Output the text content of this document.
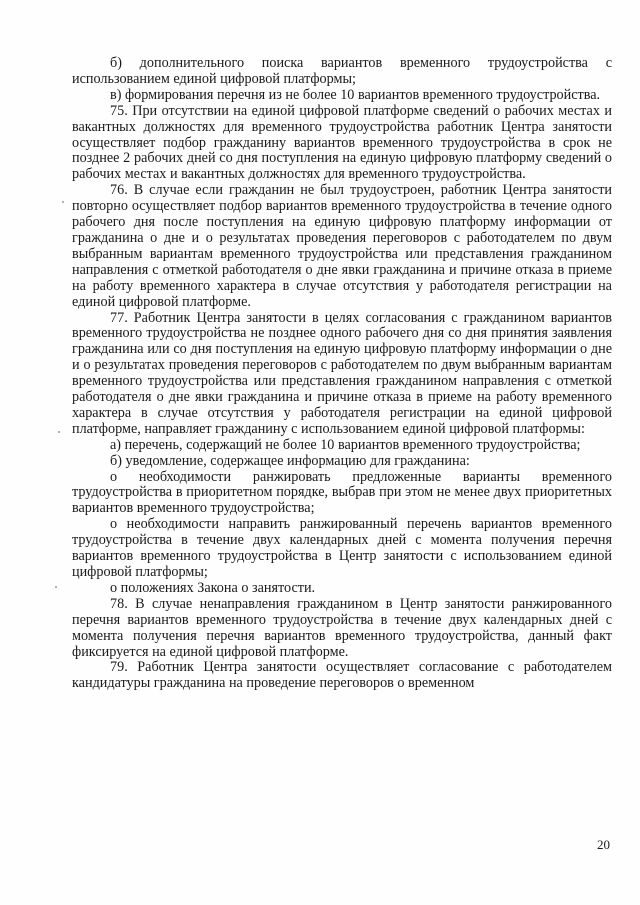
б) дополнительного поиска вариантов временного трудоустройства с использованием единой цифровой платформы;

в) формирования перечня из не более 10 вариантов временного трудоустройства.

75. При отсутствии на единой цифровой платформе сведений о рабочих местах и вакантных должностях для временного трудоустройства работник Центра занятости осуществляет подбор гражданину вариантов временного трудоустройства в срок не позднее 2 рабочих дней со дня поступления на единую цифровую платформу сведений о рабочих местах и вакантных должностях для временного трудоустройства.

76. В случае если гражданин не был трудоустроен, работник Центра занятости повторно осуществляет подбор вариантов временного трудоустройства в течение одного рабочего дня после поступления на единую цифровую платформу информации от гражданина о дне и о результатах проведения переговоров с работодателем по двум выбранным вариантам временного трудоустройства или представления гражданином направления с отметкой работодателя о дне явки гражданина и причине отказа в приеме на работу временного характера в случае отсутствия у работодателя регистрации на единой цифровой платформе.

77. Работник Центра занятости в целях согласования с гражданином вариантов временного трудоустройства не позднее одного рабочего дня со дня принятия заявления гражданина или со дня поступления на единую цифровую платформу информации о дне и о результатах проведения переговоров с работодателем по двум выбранным вариантам временного трудоустройства или представления гражданином направления с отметкой работодателя о дне явки гражданина и причине отказа в приеме на работу временного характера в случае отсутствия у работодателя регистрации на единой цифровой платформе, направляет гражданину с использованием единой цифровой платформы:

а) перечень, содержащий не более 10 вариантов временного трудоустройства;

б) уведомление, содержащее информацию для гражданина:

о необходимости ранжировать предложенные варианты временного трудоустройства в приоритетном порядке, выбрав при этом не менее двух приоритетных вариантов временного трудоустройства;

о необходимости направить ранжированный перечень вариантов временного трудоустройства в течение двух календарных дней с момента получения перечня вариантов временного трудоустройства в Центр занятости с использованием единой цифровой платформы;

о положениях Закона о занятости.

78. В случае ненаправления гражданином в Центр занятости ранжированного перечня вариантов временного трудоустройства в течение двух календарных дней с момента получения перечня вариантов временного трудоустройства, данный факт фиксируется на единой цифровой платформе.

79. Работник Центра занятости осуществляет согласование с работодателем кандидатуры гражданина на проведение переговоров о временном

20
